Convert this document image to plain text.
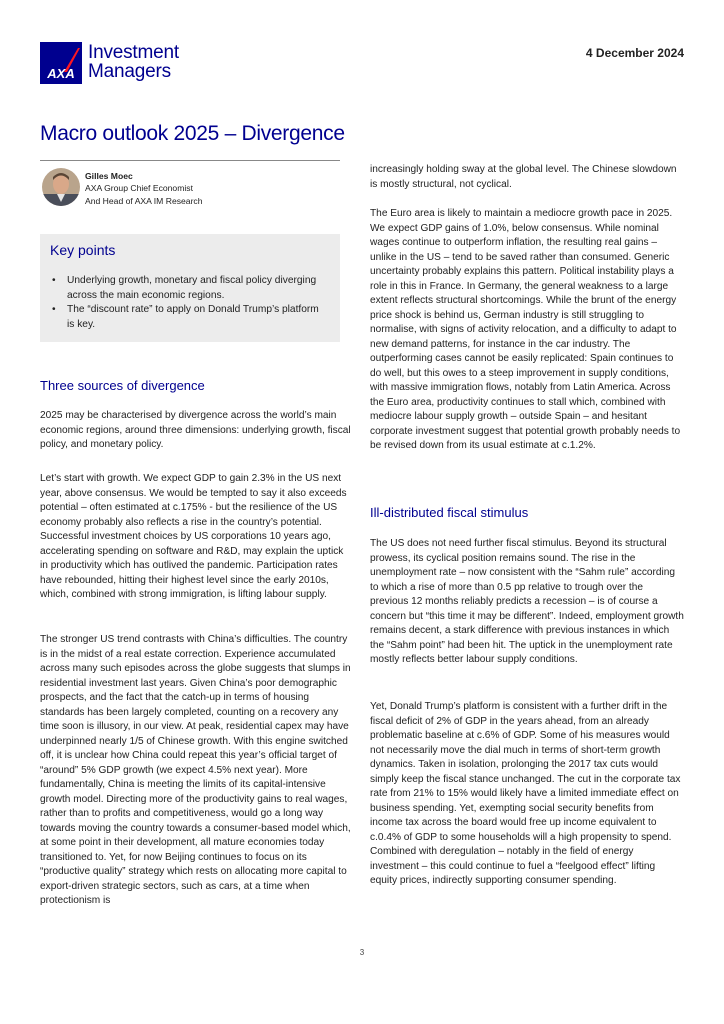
AXA
Investment
Managers
4 December 2024
Macro outlook 2025 – Divergence
Gilles Moec
AXA Group Chief Economist
And Head of AXA IM Research
Key points
• Underlying growth, monetary and fiscal policy diverging across the main economic regions.
• The “discount rate” to apply on Donald Trump’s platform is key.
Three sources of divergence

2025 may be characterised by divergence across the world’s main economic regions, around three dimensions: underlying growth, fiscal policy, and monetary policy.

Let’s start with growth. We expect GDP to gain 2.3% in the US next year, above consensus. We would be tempted to say it also exceeds potential – often estimated at c.175% - but the resilience of the US economy probably also reflects a rise in the country’s potential. Successful investment choices by US corporations 10 years ago, accelerating spending on software and R&D, may explain the uptick in productivity which has outlived the pandemic. Participation rates have rebounded, hitting their highest level since the early 2010s, which, combined with strong immigration, is lifting labour supply.

The stronger US trend contrasts with China’s difficulties. The country is in the midst of a real estate correction. Experience accumulated across many such episodes across the globe suggests that slumps in residential investment last years. Given China’s poor demographic prospects, and the fact that the catch-up in terms of housing standards has been largely completed, counting on a recovery any time soon is illusory, in our view. At peak, residential capex may have underpinned nearly 1/5 of Chinese growth. With this engine switched off, it is unclear how China could repeat this year’s official target of “around” 5% GDP growth (we expect 4.5% next year). More fundamentally, China is meeting the limits of its capital-intensive growth model. Directing more of the productivity gains to real wages, rather than to profits and competitiveness, would go a long way towards moving the country towards a consumer-based model which, at some point in their development, all mature economies today transitioned to. Yet, for now Beijing continues to focus on its “productive quality” strategy which rests on allocating more capital to export-driven strategic sectors, such as cars, at a time when protectionism is

increasingly holding sway at the global level. The Chinese slowdown is mostly structural, not cyclical.

The Euro area is likely to maintain a mediocre growth pace in 2025. We expect GDP gains of 1.0%, below consensus. While nominal wages continue to outperform inflation, the resulting real gains – unlike in the US – tend to be saved rather than consumed. Generic uncertainty probably explains this pattern. Political instability plays a role in this in France. In Germany, the general weakness to a large extent reflects structural shortcomings. While the brunt of the energy price shock is behind us, German industry is still struggling to normalise, with signs of activity relocation, and a difficulty to adapt to new demand patterns, for instance in the car industry. The outperforming cases cannot be easily replicated: Spain continues to do well, but this owes to a steep improvement in supply conditions, with massive immigration flows, notably from Latin America. Across the Euro area, productivity continues to stall which, combined with mediocre labour supply growth – outside Spain – and hesitant corporate investment suggest that potential growth probably needs to be revised down from its usual estimate at c.1.2%.

Ill-distributed fiscal stimulus

The US does not need further fiscal stimulus. Beyond its structural prowess, its cyclical position remains sound. The rise in the unemployment rate – now consistent with the “Sahm rule” according to which a rise of more than 0.5 pp relative to trough over the previous 12 months reliably predicts a recession – is of course a concern but “this time it may be different”. Indeed, employment growth remains decent, a stark difference with previous instances in which the “Sahm point” had been hit. The uptick in the unemployment rate mostly reflects better labour supply conditions.

Yet, Donald Trump’s platform is consistent with a further drift in the fiscal deficit of 2% of GDP in the years ahead, from an already problematic baseline at c.6% of GDP. Some of his measures would not necessarily move the dial much in terms of short-term growth dynamics. Taken in isolation, prolonging the 2017 tax cuts would simply keep the fiscal stance unchanged. The cut in the corporate tax rate from 21% to 15% would likely have a limited immediate effect on business spending. Yet, exempting social security benefits from income tax across the board would free up income equivalent to c.0.4% of GDP to some households will a high propensity to spend. Combined with deregulation – notably in the field of energy investment – this could continue to fuel a “feelgood effect” lifting equity prices, indirectly supporting consumer spending.

3
